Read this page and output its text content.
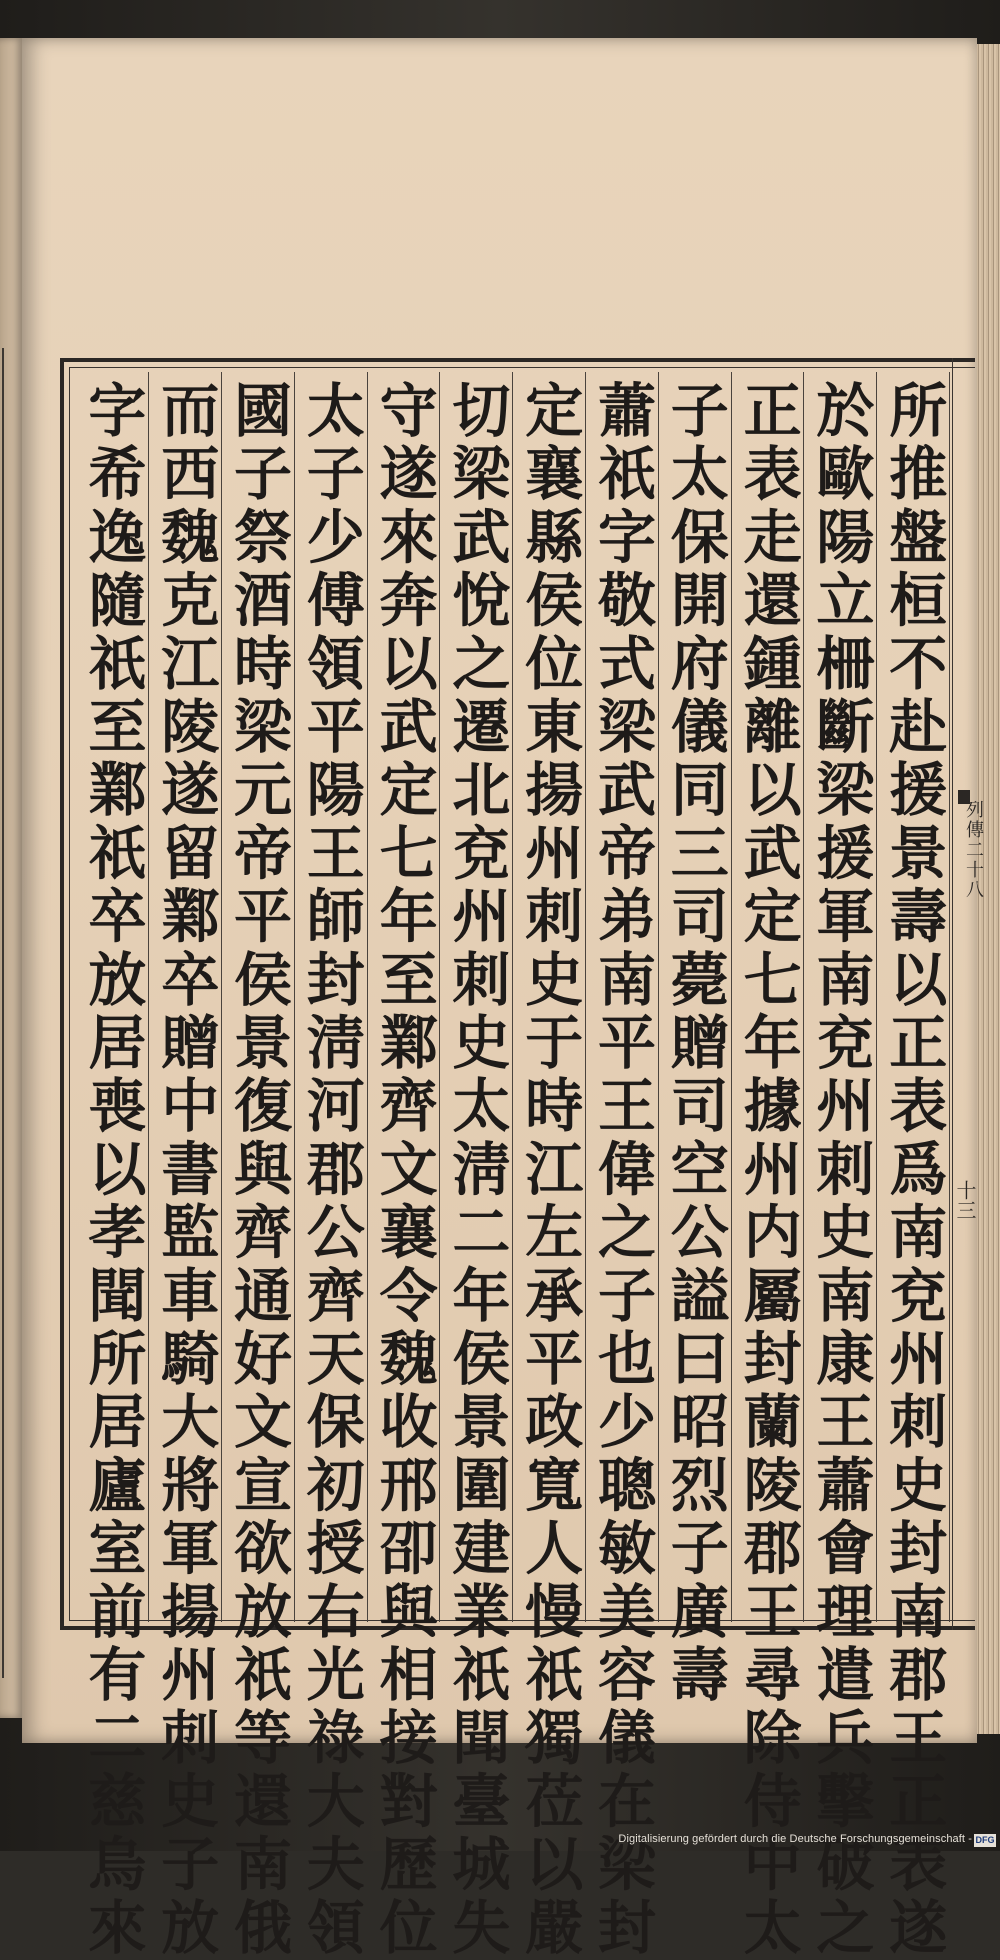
所推盤桓不赴援景壽以正表爲南兗州刺史封南郡王正表遂
於歐陽立柵斷梁援軍南兗州刺史南康王蕭會理遣兵擊破之
正表走還鍾離以武定七年據州内屬封蘭陵郡王尋除侍中太
子太保開府儀同三司薨贈司空公謚曰昭烈子廣壽
蕭祇字敬式梁武帝弟南平王偉之子也少聰敏美容儀在梁封
定襄縣侯位東揚州刺史于時江左承平政寬人慢祇獨莅以嚴
切梁武悅之遷北兗州刺史太淸二年侯景圍建業祇聞臺城失
守遂來奔以武定七年至鄴齊文襄令魏收邢卲與相接對歷位
太子少傅領平陽王師封淸河郡公齊天保初授右光祿大夫領
國子祭酒時梁元帝平侯景復與齊通好文宣欲放祇等還南俄
而西魏克江陵遂留鄴卒贈中書監車騎大將軍揚州刺史子放
字希逸隨祇至鄴祇卒放居喪以孝聞所居廬室前有二慈烏來	列傳二十八
十三
Digitalisierung gefördert durch die Deutsche Forschungsgemeinschaft - DFG
